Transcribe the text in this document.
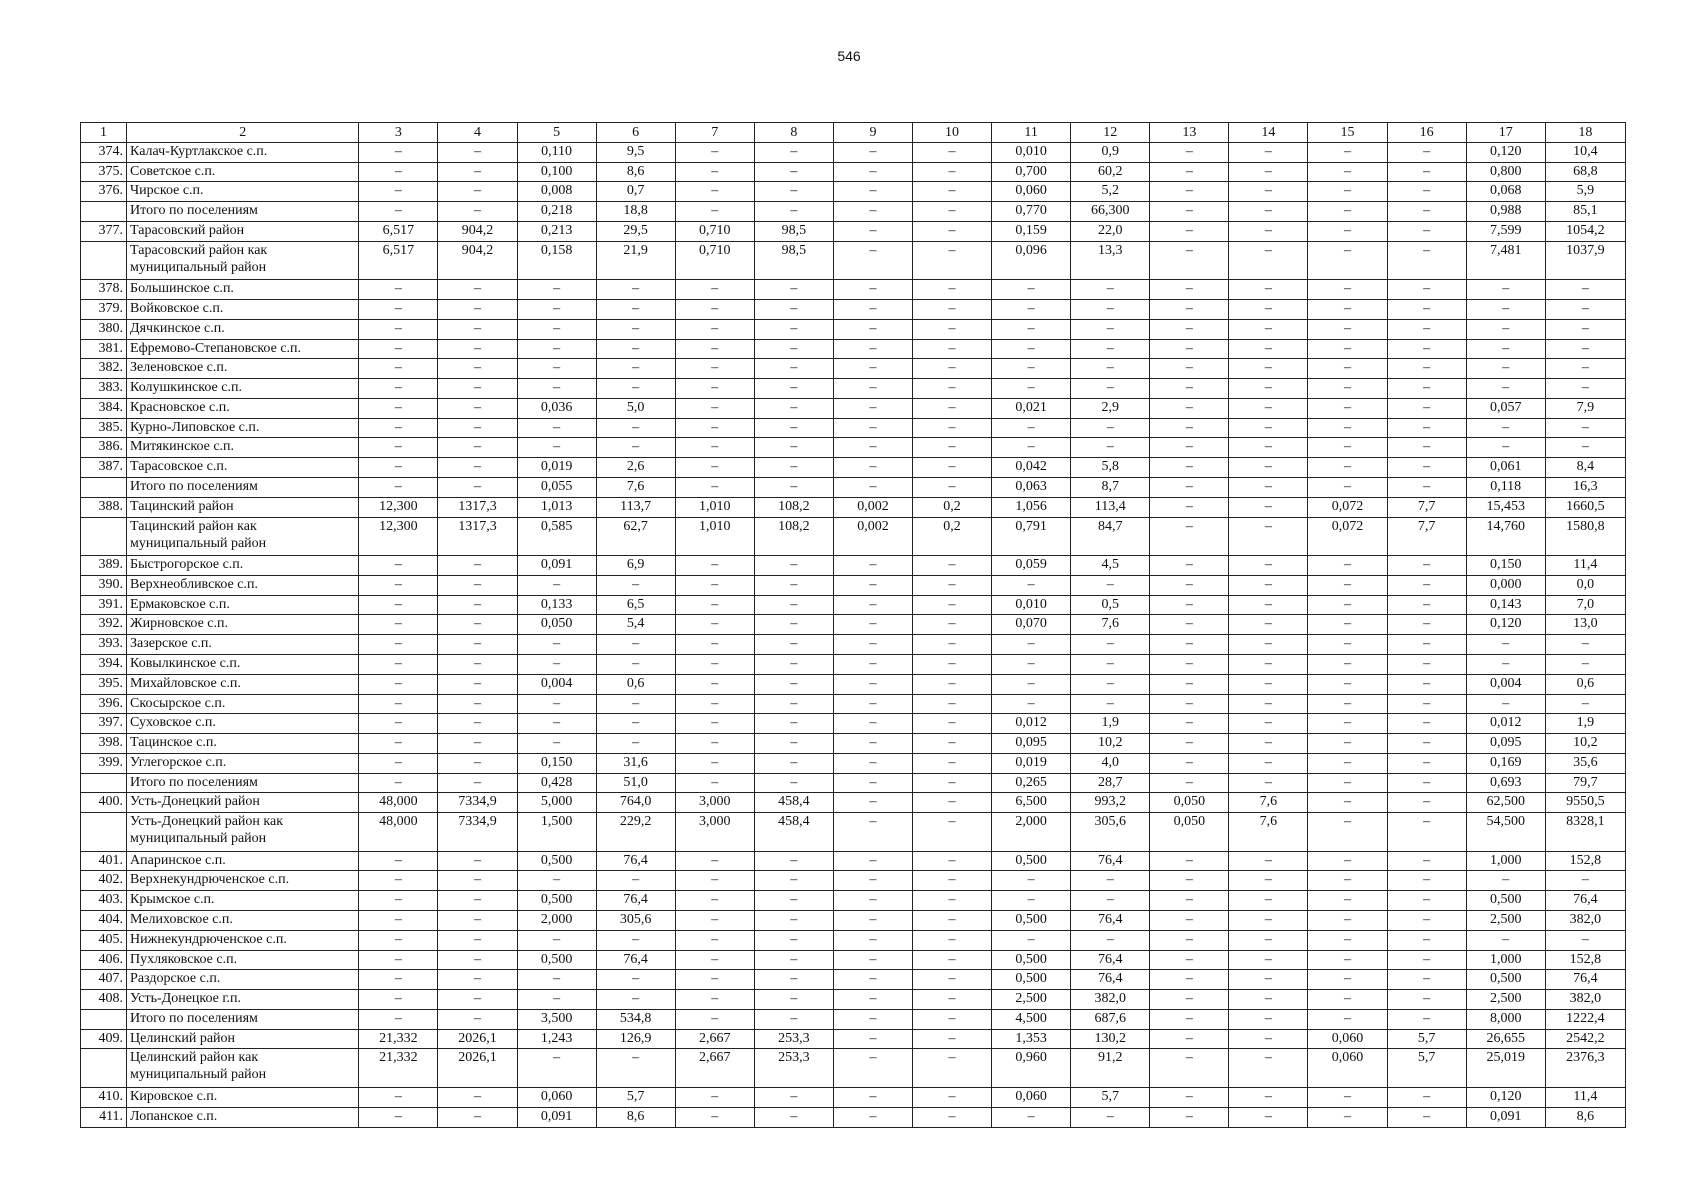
546
1	2	3	4	5	6	7	8	9	10	11	12	13	14	15	16	17	18
374.	Калач-Куртлакское с.п.	–	–	0,110	9,5	–	–	–	–	0,010	0,9	–	–	–	–	0,120	10,4
375.	Советское с.п.	–	–	0,100	8,6	–	–	–	–	0,700	60,2	–	–	–	–	0,800	68,8
376.	Чирское с.п.	–	–	0,008	0,7	–	–	–	–	0,060	5,2	–	–	–	–	0,068	5,9
	Итого по поселениям	–	–	0,218	18,8	–	–	–	–	0,770	66,300	–	–	–	–	0,988	85,1
377.	Тарасовский район	6,517	904,2	0,213	29,5	0,710	98,5	–	–	0,159	22,0	–	–	–	–	7,599	1054,2
	Тарасовский район как муниципальный район	6,517	904,2	0,158	21,9	0,710	98,5	–	–	0,096	13,3	–	–	–	–	7,481	1037,9
378.	Большинское с.п.	–	–	–	–	–	–	–	–	–	–	–	–	–	–	–	–
379.	Войковское с.п.	–	–	–	–	–	–	–	–	–	–	–	–	–	–	–	–
380.	Дячкинское с.п.	–	–	–	–	–	–	–	–	–	–	–	–	–	–	–	–
381.	Ефремово-Степановское с.п.	–	–	–	–	–	–	–	–	–	–	–	–	–	–	–	–
382.	Зеленовское с.п.	–	–	–	–	–	–	–	–	–	–	–	–	–	–	–	–
383.	Колушкинское с.п.	–	–	–	–	–	–	–	–	–	–	–	–	–	–	–	–
384.	Красновское с.п.	–	–	0,036	5,0	–	–	–	–	0,021	2,9	–	–	–	–	0,057	7,9
385.	Курно-Липовское с.п.	–	–	–	–	–	–	–	–	–	–	–	–	–	–	–	–
386.	Митякинское с.п.	–	–	–	–	–	–	–	–	–	–	–	–	–	–	–	–
387.	Тарасовское с.п.	–	–	0,019	2,6	–	–	–	–	0,042	5,8	–	–	–	–	0,061	8,4
	Итого по поселениям	–	–	0,055	7,6	–	–	–	–	0,063	8,7	–	–	–	–	0,118	16,3
388.	Тацинский район	12,300	1317,3	1,013	113,7	1,010	108,2	0,002	0,2	1,056	113,4	–	–	0,072	7,7	15,453	1660,5
	Тацинский район как муниципальный район	12,300	1317,3	0,585	62,7	1,010	108,2	0,002	0,2	0,791	84,7	–	–	0,072	7,7	14,760	1580,8
389.	Быстрогорское с.п.	–	–	0,091	6,9	–	–	–	–	0,059	4,5	–	–	–	–	0,150	11,4
390.	Верхнеобливское с.п.	–	–	–	–	–	–	–	–	–	–	–	–	–	–	0,000	0,0
391.	Ермаковское с.п.	–	–	0,133	6,5	–	–	–	–	0,010	0,5	–	–	–	–	0,143	7,0
392.	Жирновское с.п.	–	–	0,050	5,4	–	–	–	–	0,070	7,6	–	–	–	–	0,120	13,0
393.	Зазерское с.п.	–	–	–	–	–	–	–	–	–	–	–	–	–	–	–	–
394.	Ковылкинское с.п.	–	–	–	–	–	–	–	–	–	–	–	–	–	–	–	–
395.	Михайловское с.п.	–	–	0,004	0,6	–	–	–	–	–	–	–	–	–	–	0,004	0,6
396.	Скосырское с.п.	–	–	–	–	–	–	–	–	–	–	–	–	–	–	–	–
397.	Суховское с.п.	–	–	–	–	–	–	–	–	0,012	1,9	–	–	–	–	0,012	1,9
398.	Тацинское с.п.	–	–	–	–	–	–	–	–	0,095	10,2	–	–	–	–	0,095	10,2
399.	Углегорское с.п.	–	–	0,150	31,6	–	–	–	–	0,019	4,0	–	–	–	–	0,169	35,6
	Итого по поселениям	–	–	0,428	51,0	–	–	–	–	0,265	28,7	–	–	–	–	0,693	79,7
400.	Усть-Донецкий район	48,000	7334,9	5,000	764,0	3,000	458,4	–	–	6,500	993,2	0,050	7,6	–	–	62,500	9550,5
	Усть-Донецкий район как муниципальный район	48,000	7334,9	1,500	229,2	3,000	458,4	–	–	2,000	305,6	0,050	7,6	–	–	54,500	8328,1
401.	Апаринское с.п.	–	–	0,500	76,4	–	–	–	–	0,500	76,4	–	–	–	–	1,000	152,8
402.	Верхнекундрюченское с.п.	–	–	–	–	–	–	–	–	–	–	–	–	–	–	–	–
403.	Крымское с.п.	–	–	0,500	76,4	–	–	–	–	–	–	–	–	–	–	0,500	76,4
404.	Мелиховское с.п.	–	–	2,000	305,6	–	–	–	–	0,500	76,4	–	–	–	–	2,500	382,0
405.	Нижнекундрюченское с.п.	–	–	–	–	–	–	–	–	–	–	–	–	–	–	–	–
406.	Пухляковское с.п.	–	–	0,500	76,4	–	–	–	–	0,500	76,4	–	–	–	–	1,000	152,8
407.	Раздорское с.п.	–	–	–	–	–	–	–	–	0,500	76,4	–	–	–	–	0,500	76,4
408.	Усть-Донецкое г.п.	–	–	–	–	–	–	–	–	2,500	382,0	–	–	–	–	2,500	382,0
	Итого по поселениям	–	–	3,500	534,8	–	–	–	–	4,500	687,6	–	–	–	–	8,000	1222,4
409.	Целинский район	21,332	2026,1	1,243	126,9	2,667	253,3	–	–	1,353	130,2	–	–	0,060	5,7	26,655	2542,2
	Целинский район как муниципальный район	21,332	2026,1	–	–	2,667	253,3	–	–	0,960	91,2	–	–	0,060	5,7	25,019	2376,3
410.	Кировское с.п.	–	–	0,060	5,7	–	–	–	–	0,060	5,7	–	–	–	–	0,120	11,4
411.	Лопанское с.п.	–	–	0,091	8,6	–	–	–	–	–	–	–	–	–	–	0,091	8,6
